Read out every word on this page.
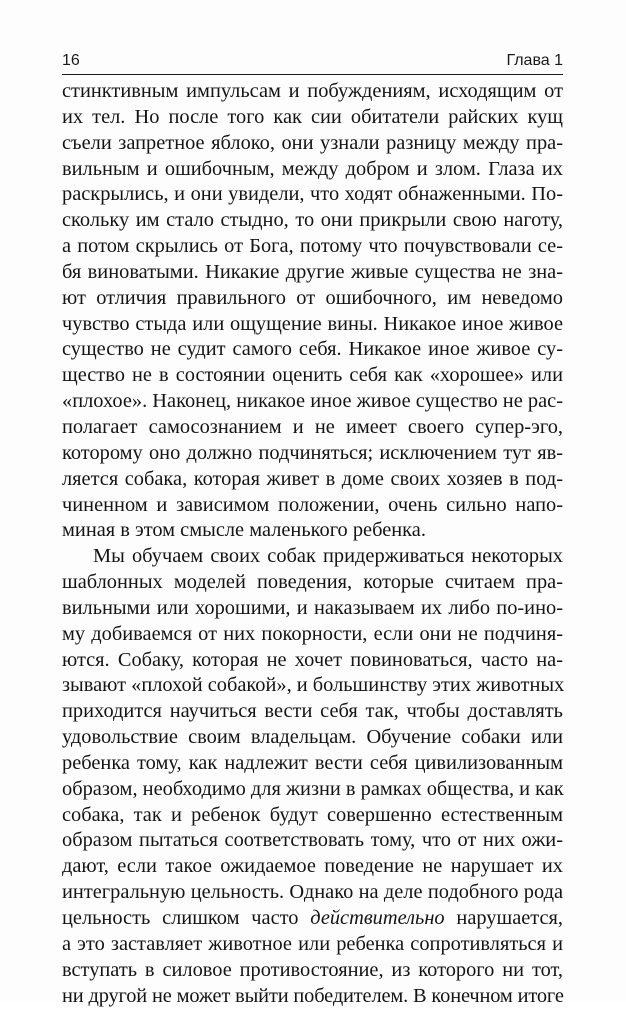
16	Глава 1
стинктивным импульсам и побуждениям, исходящим от
их тел. Но после того как сии обитатели райских кущ
съели запретное яблоко, они узнали разницу между пра-
вильным и ошибочным, между добром и злом. Глаза их
раскрылись, и они увидели, что ходят обнаженными. По-
скольку им стало стыдно, то они прикрыли свою наготу,
а потом скрылись от Бога, потому что почувствовали се-
бя виноватыми. Никакие другие живые существа не зна-
ют отличия правильного от ошибочного, им неведомо
чувство стыда или ощущение вины. Никакое иное живое
существо не судит самого себя. Никакое иное живое су-
щество не в состоянии оценить себя как «хорошее» или
«плохое». Наконец, никакое иное живое существо не рас-
полагает самосознанием и не имеет своего супер-эго,
которому оно должно подчиняться; исключением тут яв-
ляется собака, которая живет в доме своих хозяев в под-
чиненном и зависимом положении, очень сильно напо-
миная в этом смысле маленького ребенка.
Мы обучаем своих собак придерживаться некоторых
шаблонных моделей поведения, которые считаем пра-
вильными или хорошими, и наказываем их либо по-ино-
му добиваемся от них покорности, если они не подчиня-
ются. Собаку, которая не хочет повиноваться, часто на-
зывают «плохой собакой», и большинству этих животных
приходится научиться вести себя так, чтобы доставлять
удовольствие своим владельцам. Обучение собаки или
ребенка тому, как надлежит вести себя цивилизованным
образом, необходимо для жизни в рамках общества, и как
собака, так и ребенок будут совершенно естественным
образом пытаться соответствовать тому, что от них ожи-
дают, если такое ожидаемое поведение не нарушает их
интегральную цельность. Однако на деле подобного рода
цельность слишком часто действительно нарушается,
а это заставляет животное или ребенка сопротивляться и
вступать в силовое противостояние, из которого ни тот,
ни другой не может выйти победителем. В конечном итоге
